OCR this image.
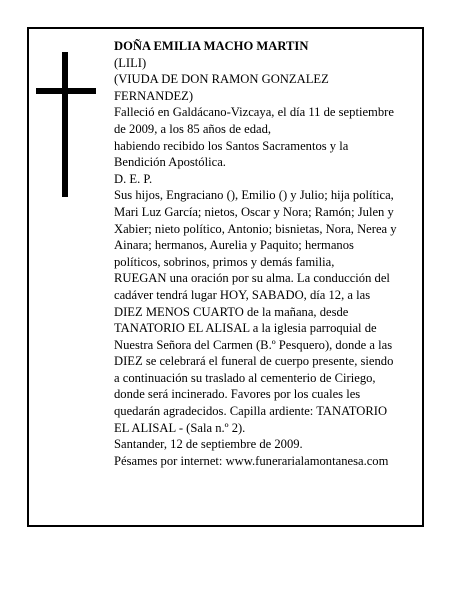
DOÑA EMILIA MACHO MARTIN
(LILI)
(VIUDA DE DON RAMON GONZALEZ
FERNANDEZ)
Falleció en Galdácano-Vizcaya, el día 11 de septiembre
de 2009, a los 85 años de edad,
habiendo recibido los Santos Sacramentos y la
Bendición Apostólica.
D. E. P.
Sus hijos, Engraciano (), Emilio () y Julio; hija política,
Mari Luz García; nietos, Oscar y Nora; Ramón; Julen y
Xabier; nieto político, Antonio; bisnietas, Nora, Nerea y
Ainara; hermanos, Aurelia y Paquito; hermanos
políticos, sobrinos, primos y demás familia,
RUEGAN una oración por su alma. La conducción del
cadáver tendrá lugar HOY, SABADO, día 12, a las
DIEZ MENOS CUARTO de la mañana, desde
TANATORIO EL ALISAL a la iglesia parroquial de
Nuestra Señora del Carmen (B.º Pesquero), donde a las
DIEZ se celebrará el funeral de cuerpo presente, siendo
a continuación su traslado al cementerio de Ciriego,
donde será incinerado. Favores por los cuales les
quedarán agradecidos. Capilla ardiente: TANATORIO
EL ALISAL - (Sala n.º 2).
Santander, 12 de septiembre de 2009.
Pésames por internet: www.funerarialamontanesa.com
